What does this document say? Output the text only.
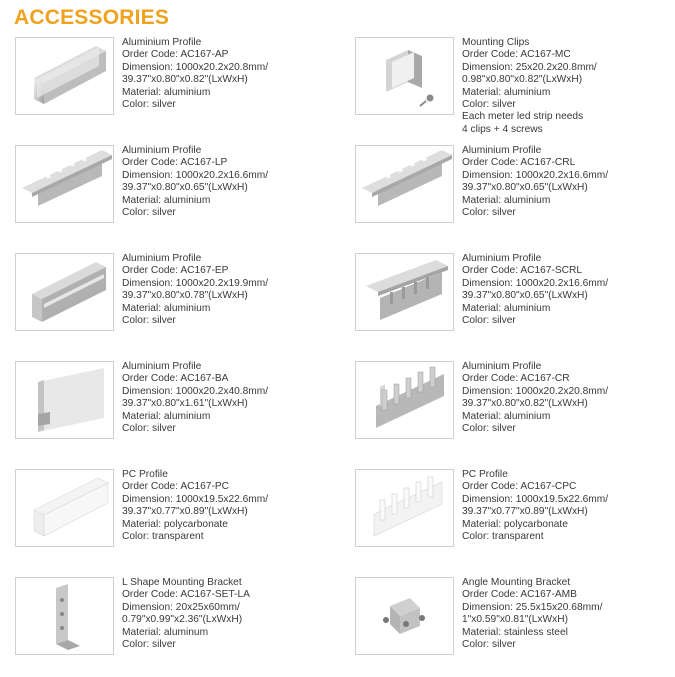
ACCESSORIES
Aluminium Profile
Order Code: AC167-AP
Dimension: 1000x20.2x20.8mm/
39.37"x0.80"x0.82"(LxWxH)
Material: aluminium
Color: silver
Mounting Clips
Order Code: AC167-MC
Dimension: 25x20.2x20.8mm/
0.98"x0.80"x0.82"(LxWxH)
Material: aluminium
Color: silver
Each meter led strip needs
4 clips + 4 screws
Aluminium Profile
Order Code: AC167-LP
Dimension: 1000x20.2x16.6mm/
39.37"x0.80"x0.65"(LxWxH)
Material: aluminium
Color: silver
Aluminium Profile
Order Code: AC167-CRL
Dimension: 1000x20.2x16.6mm/
39.37"x0.80"x0.65"(LxWxH)
Material: aluminium
Color: silver
Aluminium Profile
Order Code: AC167-EP
Dimension: 1000x20.2x19.9mm/
39.37"x0.80"x0.78"(LxWxH)
Material: aluminium
Color: silver
Aluminium Profile
Order Code: AC167-SCRL
Dimension: 1000x20.2x16.6mm/
39.37"x0.80"x0.65"(LxWxH)
Material: aluminium
Color: silver
Aluminium Profile
Order Code: AC167-BA
Dimension: 1000x20.2x40.8mm/
39.37"x0.80"x1.61"(LxWxH)
Material: aluminium
Color: silver
Aluminium Profile
Order Code: AC167-CR
Dimension: 1000x20.2x20.8mm/
39.37"x0.80"x0.82"(LxWxH)
Material: aluminium
Color: silver
PC Profile
Order Code: AC167-PC
Dimension: 1000x19.5x22.6mm/
39.37"x0.77"x0.89"(LxWxH)
Material: polycarbonate
Color: transparent
PC Profile
Order Code: AC167-CPC
Dimension: 1000x19.5x22.6mm/
39.37"x0.77"x0.89"(LxWxH)
Material: polycarbonate
Color: transparent
L Shape Mounting Bracket
Order Code: AC167-SET-LA
Dimension: 20x25x60mm/
0.79"x0.99"x2.36"(LxWxH)
Material: aluminum
Color: silver
Angle Mounting Bracket
Order Code: AC167-AMB
Dimension: 25.5x15x20.68mm/
1"x0.59"x0.81"(LxWxH)
Material: stainless steel
Color: silver
